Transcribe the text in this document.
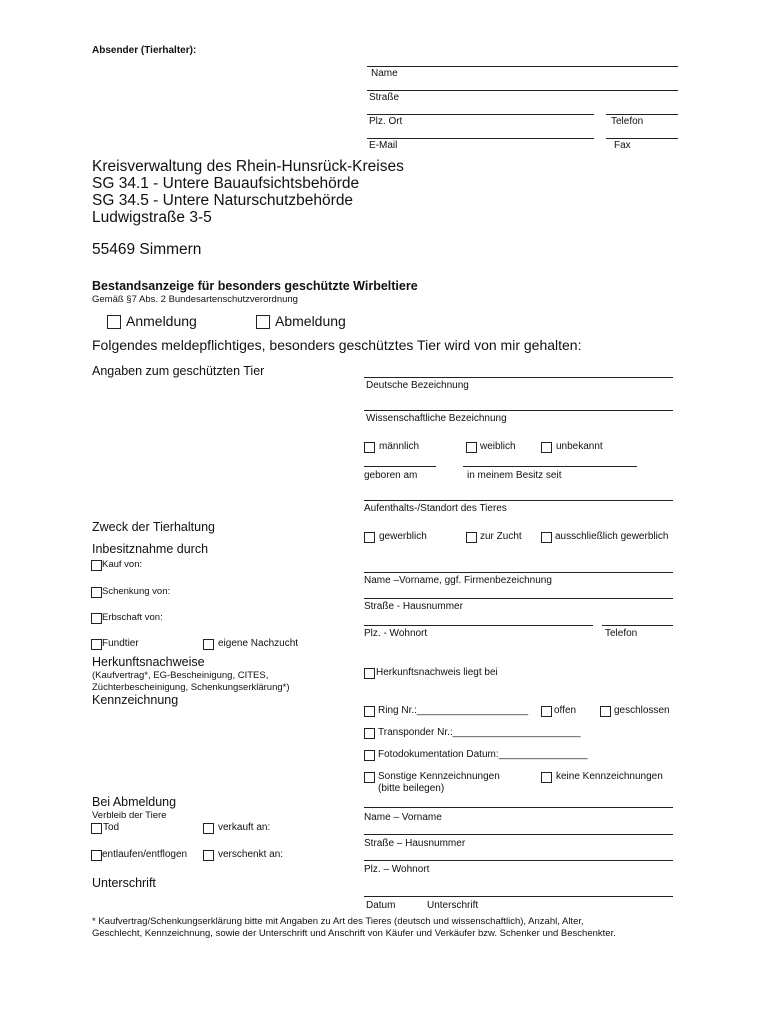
Absender (Tierhalter):
Name
Straße
Plz. Ort	Telefon
E-Mail	Fax
Kreisverwaltung des Rhein-Hunsrück-Kreises
SG 34.1 - Untere Bauaufsichtsbehörde
SG 34.5 - Untere Naturschutzbehörde
Ludwigstraße 3-5
55469 Simmern
Bestandsanzeige für besonders geschützte Wirbeltiere
Gemäß §7 Abs. 2 Bundesartenschutzverordnung
Anmeldung	Abmeldung
Folgendes meldepflichtiges, besonders geschütztes Tier wird von mir gehalten:
Angaben zum geschützten Tier
Deutsche Bezeichnung
Wissenschaftliche Bezeichnung
männlich	weiblich	unbekannt
geboren am	in meinem Besitz seit
Aufenthalts-/Standort des Tieres
Zweck der Tierhaltung
gewerblich	zur Zucht	ausschließlich gewerblich
Inbesitznahme durch
Kauf von:
Name –Vorname, ggf. Firmenbezeichnung
Schenkung von:
Straße - Hausnummer
Erbschaft von:
Plz. - Wohnort	Telefon
Fundtier	eigene Nachzucht
Herkunftsnachweise
(Kaufvertrag*, EG-Bescheinigung, CITES,
Züchterbescheinigung, Schenkungserklärung*)
Herkunftsnachweis liegt bei
Kennzeichnung
Ring Nr.:____________________	offen	geschlossen
Transponder Nr.:_______________________
Fotodokumentation Datum:________________
Sonstige Kennzeichnungen
(bitte beilegen)
keine Kennzeichnungen
Bei Abmeldung
Verbleib der Tiere	Name – Vorname
Tod	verkauft an:
Straße – Hausnummer
entlaufen/entflogen	verschenkt an:
Plz. – Wohnort
Unterschrift
Datum	Unterschrift
* Kaufvertrag/Schenkungserklärung bitte mit Angaben zu Art des Tieres (deutsch und wissenschaftlich), Anzahl, Alter,
Geschlecht, Kennzeichnung, sowie der Unterschrift und Anschrift von Käufer und Verkäufer bzw. Schenker und Beschenkter.
